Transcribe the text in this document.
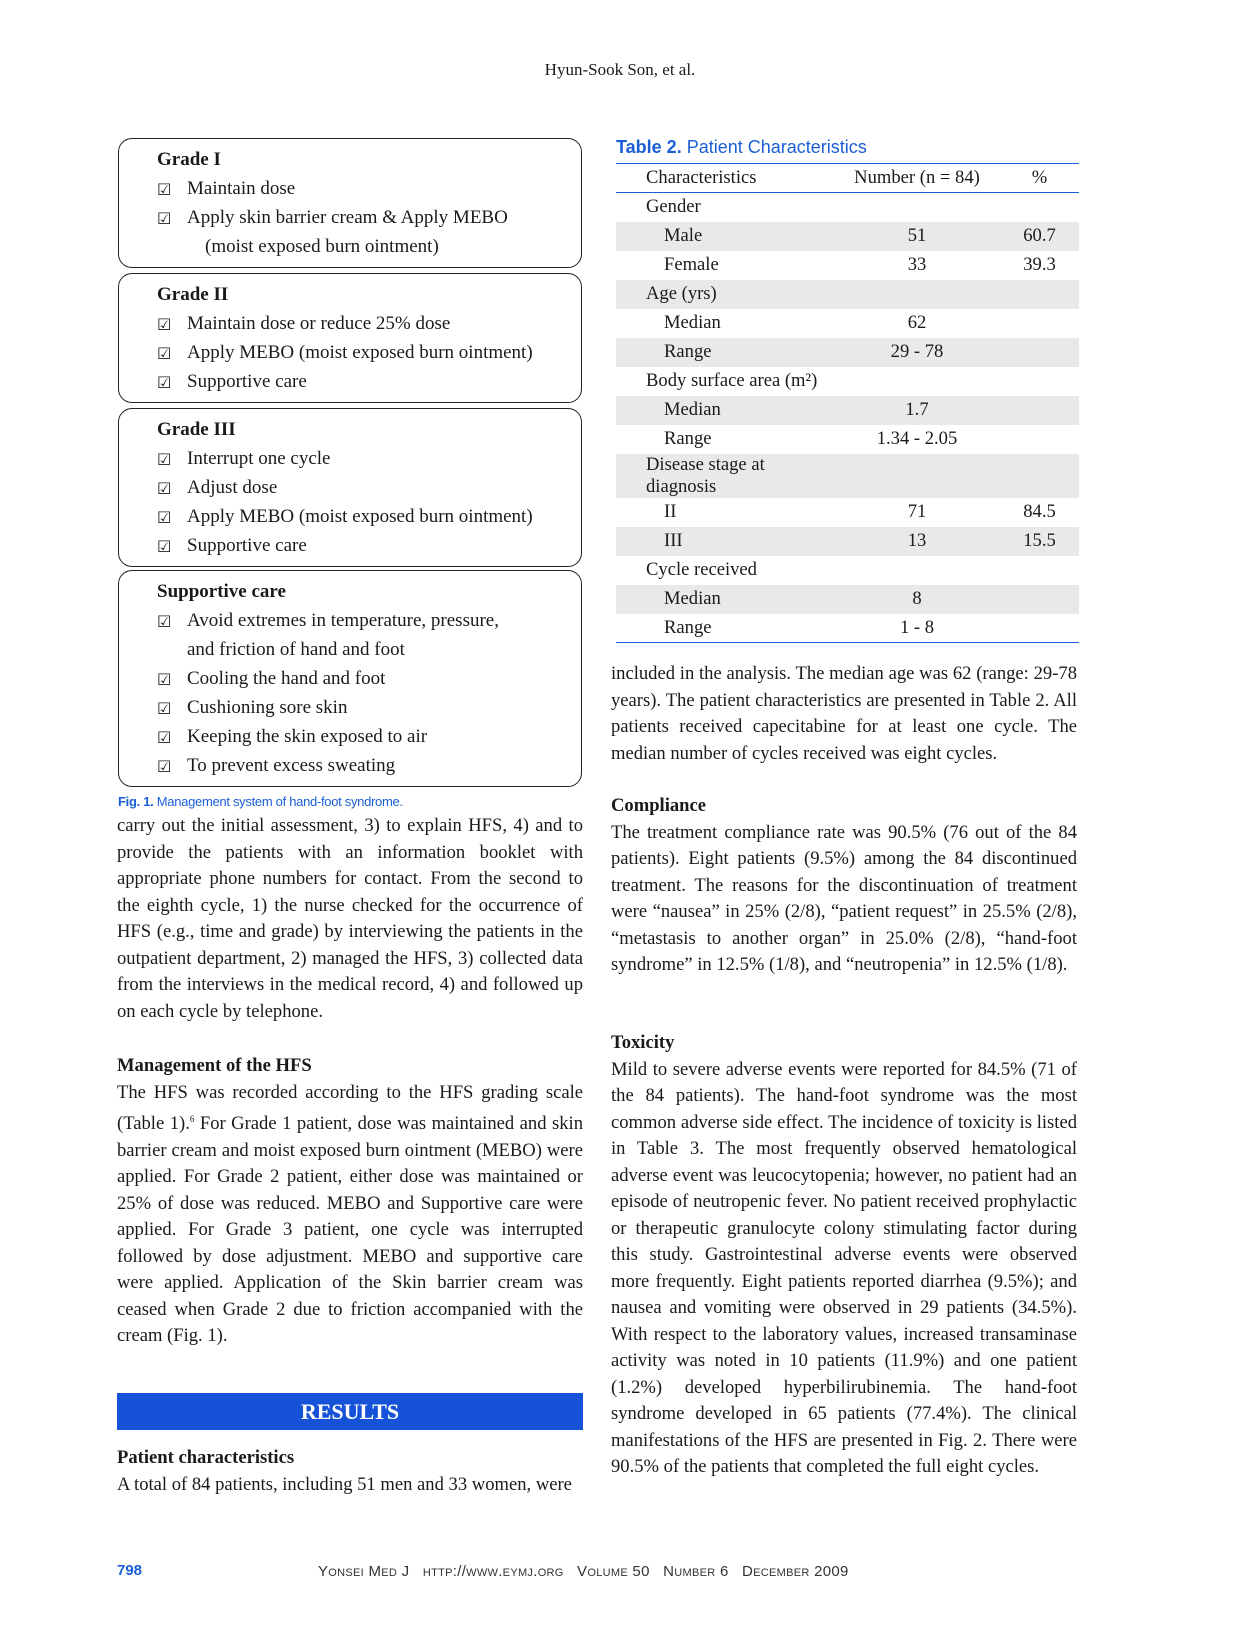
Hyun-Sook Son, et al.
Grade I
☑ Maintain dose
☑ Apply skin barrier cream & Apply MEBO
(moist exposed burn ointment)
Grade II
☑ Maintain dose or reduce 25% dose
☑ Apply MEBO (moist exposed burn ointment)
☑ Supportive care
Grade III
☑ Interrupt one cycle
☑ Adjust dose
☑ Apply MEBO (moist exposed burn ointment)
☑ Supportive care
Supportive care
☑ Avoid extremes in temperature, pressure,
and friction of hand and foot
☑ Cooling the hand and foot
☑ Cushioning sore skin
☑ Keeping the skin exposed to air
☑ To prevent excess sweating
Fig. 1. Management system of hand-foot syndrome.

carry out the initial assessment, 3) to explain HFS, 4) and to provide the patients with an information booklet with appropriate phone numbers for contact. From the second to the eighth cycle, 1) the nurse checked for the occurrence of HFS (e.g., time and grade) by interviewing the patients in the outpatient department, 2) managed the HFS, 3) collected data from the interviews in the medical record, 4) and followed up on each cycle by telephone.

Management of the HFS

The HFS was recorded according to the HFS grading scale (Table 1).$^6$ For Grade 1 patient, dose was maintained and skin barrier cream and moist exposed burn ointment (MEBO) were applied. For Grade 2 patient, either dose was maintained or 25% of dose was reduced. MEBO and Supportive care were applied. For Grade 3 patient, one cycle was interrupted followed by dose adjustment. MEBO and supportive care were applied. Application of the Skin barrier cream was ceased when Grade 2 due to friction accompanied with the cream (Fig. 1).

RESULTS
Patient characteristics

A total of 84 patients, including 51 men and 33 women, were

Table 2. Patient Characteristics
Characteristics	Number (n = 84)	%
Gender		
Male	51	60.7
Female	33	39.3
Age (yrs)		
Median	62	
Range	29 - 78	
Body surface area (m²)		
Median	1.7	
Range	1.34 - 2.05	
Disease stage at diagnosis		
II	71	84.5
III	13	15.5
Cycle received		
Median	8	
Range	1 - 8	

included in the analysis. The median age was 62 (range: 29-78 years). The patient characteristics are presented in Table 2. All patients received capecitabine for at least one cycle. The median number of cycles received was eight cycles.

Compliance

The treatment compliance rate was 90.5% (76 out of the 84 patients). Eight patients (9.5%) among the 84 discontinued treatment. The reasons for the discontinuation of treatment were “nausea” in 25% (2/8), “patient request” in 25.5% (2/8), “metastasis to another organ” in 25.0% (2/8), “hand-foot syndrome” in 12.5% (1/8), and “neutropenia” in 12.5% (1/8).

Toxicity

Mild to severe adverse events were reported for 84.5% (71 of the 84 patients). The hand-foot syndrome was the most common adverse side effect. The incidence of toxicity is listed in Table 3. The most frequently observed hematological adverse event was leucocytopenia; however, no patient had an episode of neutropenic fever. No patient received prophylactic or therapeutic granulocyte colony stimulating factor during this study. Gastrointestinal adverse events were observed more frequently. Eight patients reported diarrhea (9.5%); and nausea and vomiting were observed in 29 patients (34.5%). With respect to the laboratory values, increased transaminase activity was noted in 10 patients (11.9%) and one patient (1.2%) developed hyperbilirubinemia. The hand-foot syndrome developed in 65 patients (77.4%). The clinical manifestations of the HFS are presented in Fig. 2. There were 90.5% of the patients that completed the full eight cycles.

798	Yonsei Med J   http://www.eymj.org   Volume 50   Number 6   December 2009
